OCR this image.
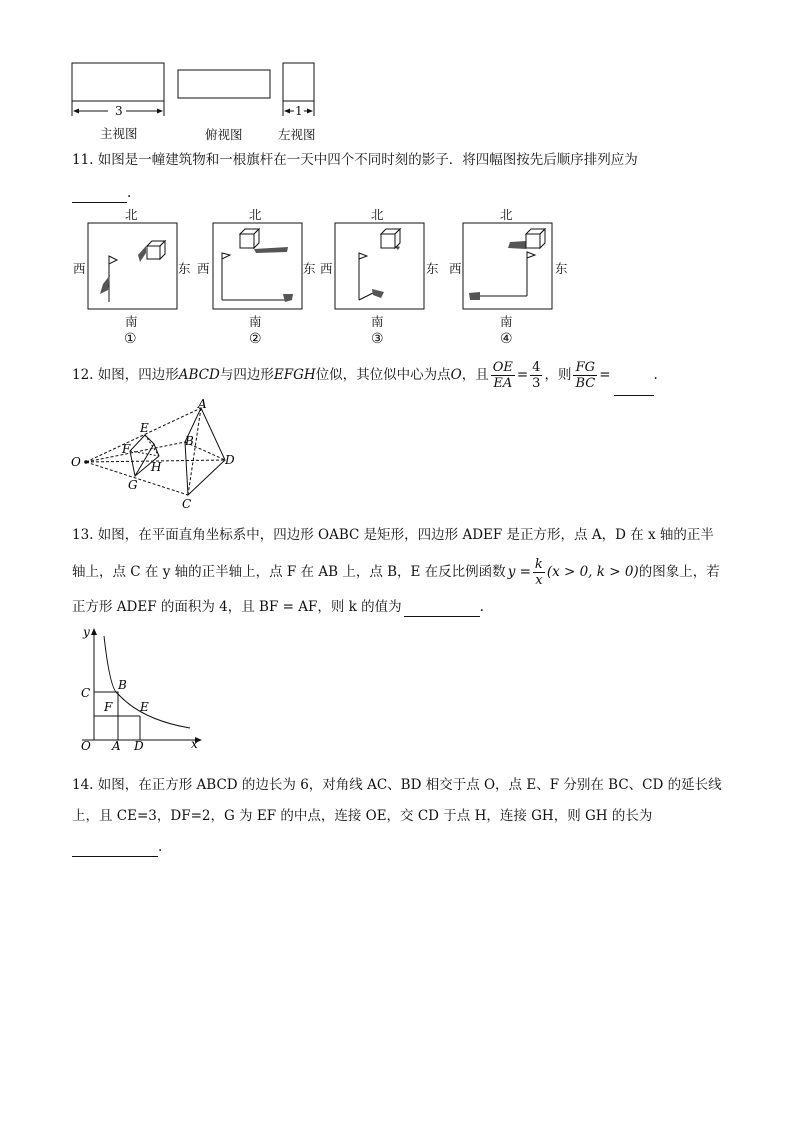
3	1
主视图	俯视图	左视图
11. 如图是一幢建筑物和一根旗杆在一天中四个不同时刻的影子．将四幅图按先后顺序排列应为
.
北
西	东
南
①
北
西	东
南
②
北
西	东
南
③
北
西	东
南
④
12. 如图，四边形 ABCD 与四边形 EFGH 位似，其位似中心为点 O ，且 $\frac{OE}{EA} = \frac{4}{3}$ ，则 $\frac{FG}{BC}$ =
	.
O
A
B
C
D
E
F
G
H
13. 如图，在平面直角坐标系中，四边形 OABC 是矩形，四边形 ADEF 是正方形，点 A，D 在 x 轴的正半
轴上，点 C 在 y 轴的正半轴上，点 F 在 AB 上，点 B，E 在反比例函数 $y = \frac{k}{x} (x > 0$, k > 0) 的图象上，若
正方形 ADEF 的面积为 4，且 BF = AF，则 k 的值为	.
y
x
O A D
C
B
F E
14. 如图，在正方形 ABCD 的边长为 6，对角线 AC、BD 相交于点 O，点 E、F 分别在 BC、CD 的延长线
上，且 CE=3，DF=2，G 为 EF 的中点，连接 OE，交 CD 于点 H，连接 GH，则 GH 的长为
.
